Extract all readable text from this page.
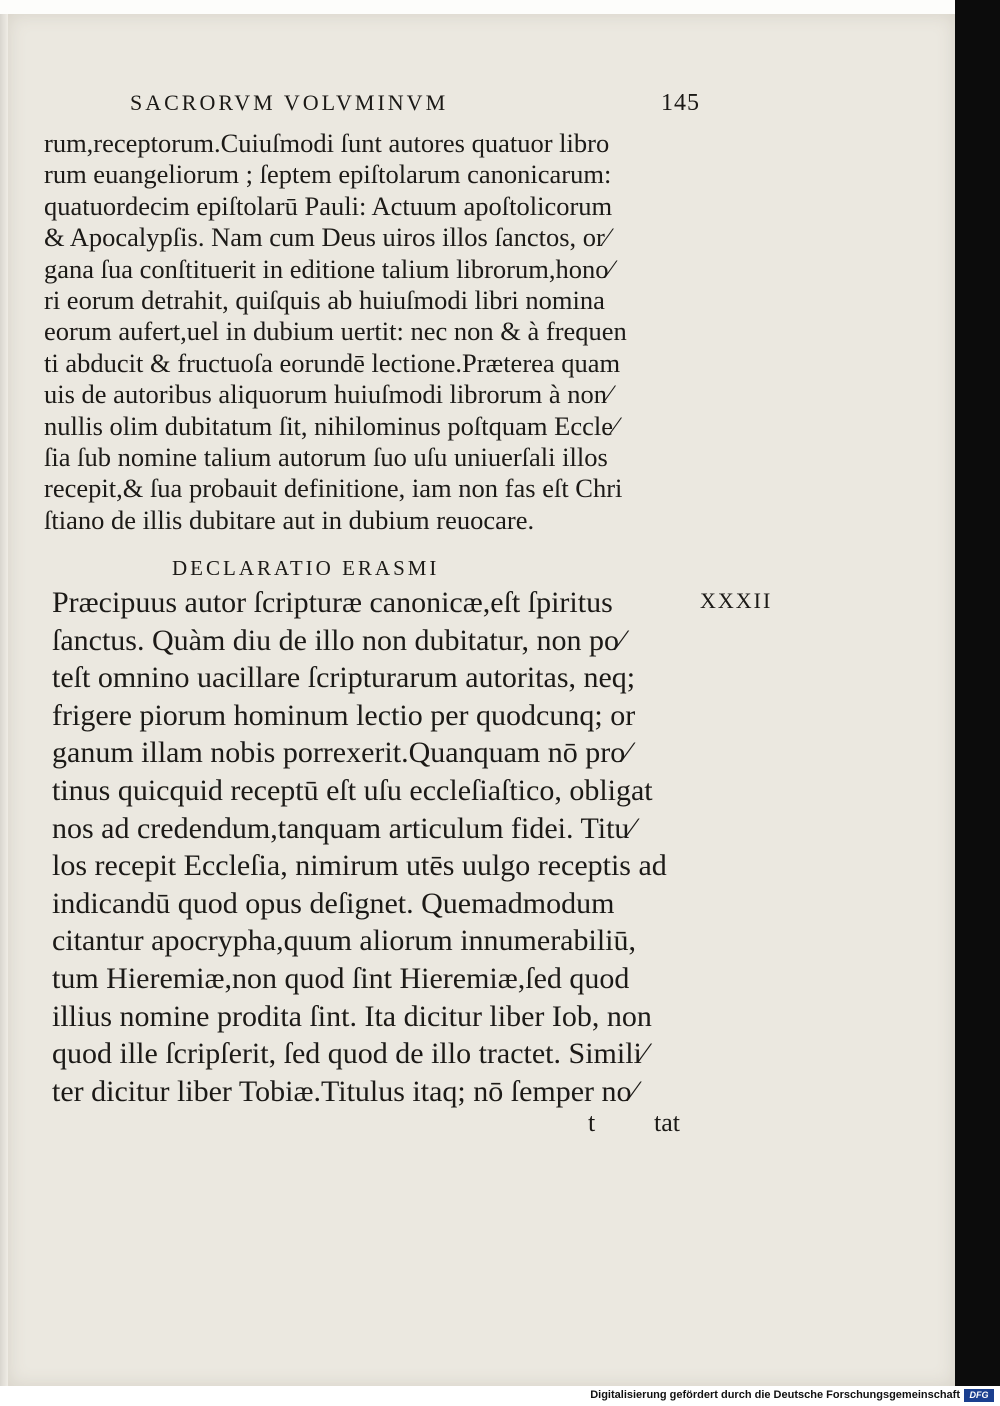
SACRORVM VOLVMINVM	145
rum,receptorum.Cuiuſmodi ſunt autores quatuor libro
rum euangeliorum ; ſeptem epiſtolarum canonicarum:
quatuordecim epiſtolarū Pauli: Actuum apoſtolicorum
& Apocalypſis. Nam cum Deus uiros illos ſanctos, or⁄
gana ſua conſtituerit in editione talium librorum,hono⁄
ri eorum detrahit, quiſquis ab huiuſmodi libri nomina
eorum aufert,uel in dubium uertit: nec non & à frequen
ti abducit & fructuoſa eorundē lectione.Præterea quam
uis de autoribus aliquorum huiuſmodi librorum à non⁄
nullis olim dubitatum ſit, nihilominus poſtquam Eccle⁄
ſia ſub nomine talium autorum ſuo uſu uniuerſali illos
recepit,& ſua probauit definitione, iam non fas eſt Chri
ſtiano de illis dubitare aut in dubium reuocare.
DECLARATIO ERASMI
XXXII
Præcipuus autor ſcripturæ canonicæ,eſt ſpiritus
ſanctus. Quàm diu de illo non dubitatur, non po⁄
teſt omnino uacillare ſcripturarum autoritas, neq;
frigere piorum hominum lectio per quodcunq; or
ganum illam nobis porrexerit.Quanquam nō pro⁄
tinus quicquid receptū eſt uſu eccleſiaſtico, obligat
nos ad credendum,tanquam articulum fidei. Titu⁄
los recepit Eccleſia, nimirum utēs uulgo receptis ad
indicandū quod opus deſignet. Quemadmodum
citantur apocrypha,quum aliorum innumerabiliū,
tum Hieremiæ,non quod ſint Hieremiæ,ſed quod
illius nomine prodita ſint. Ita dicitur liber Iob, non
quod ille ſcripſerit, ſed quod de illo tractet. Simili⁄
ter dicitur liber Tobiæ.Titulus itaq; nō ſemper no⁄
t tat
Digitalisierung gefördert durch die Deutsche Forschungsgemeinschaft	DFG
